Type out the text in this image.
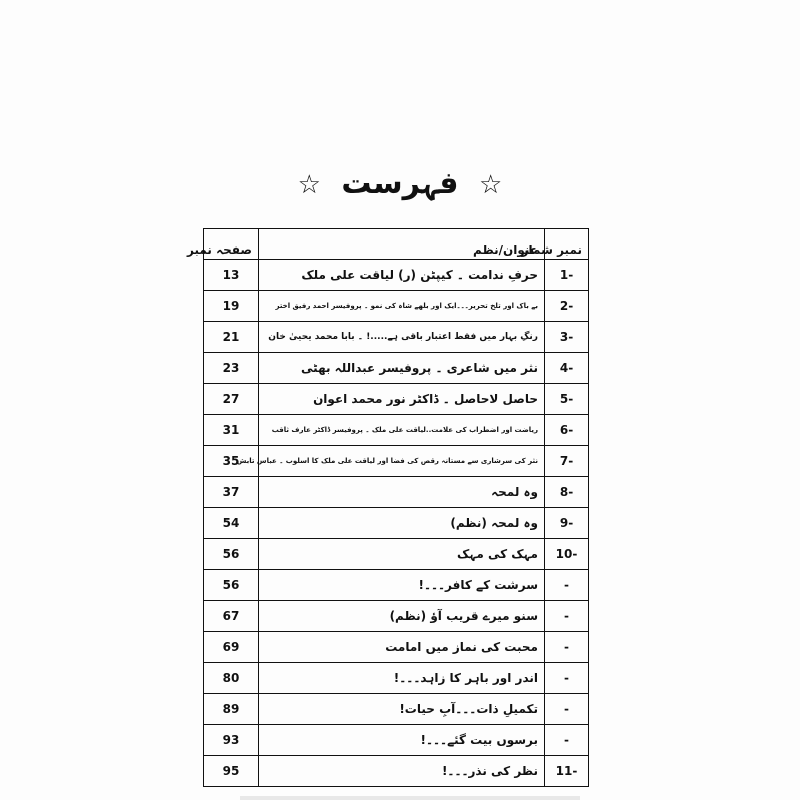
☆ فہرست ☆
نمبر شمار	عنوان/نظم	صفحہ نمبر
-1	حرفِ ندامت ۔ کیپٹن (ر) لیاقت علی ملک	13
-2	بے باک اور تلخ تحریر۔۔۔ایک اور بلھے شاہ کی نمو ۔ پروفیسر احمد رفیق اختر	19
-3	رنگِ بہار میں فقط اعتبار باقی ہے.....! ۔ بابا محمد یحییٰ خان	21
-4	نثر میں شاعری ۔ پروفیسر عبداللہ بھٹی	23
-5	حاصل لاحاصل ۔ ڈاکٹر نور محمد اعوان	27
-6	ریاضت اور اضطراب کی علامت..لیاقت علی ملک ۔ پروفیسر ڈاکٹر عارف ثاقب	31
-7	نثر کی سرشاری سے مستانہ رقص کی فضا اور لیاقت علی ملک کا اسلوب ۔ عباس تابش	35
-8	وہ لمحہ	37
-9	وہ لمحہ (نظم)	54
-10	مہک کی مہک	56
-	سرشت کے کافر۔۔۔!	56
-	سنو میرے قریب آؤ (نظم)	67
-	محبت کی نماز میں امامت	69
-	اندر اور باہر کا زاہد۔۔۔!	80
-	تکمیلِ ذات۔۔۔آبِ حیات!	89
-	برسوں بیت گئے۔۔۔!	93
-11	نظر کی نذر۔۔۔!	95
